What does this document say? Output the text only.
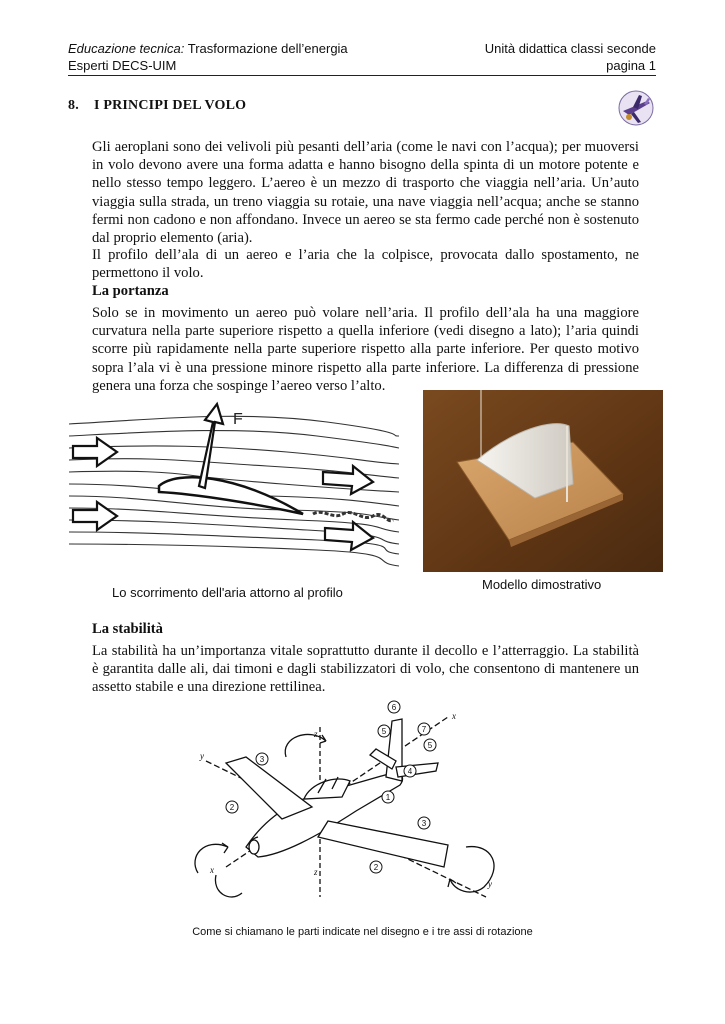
Educazione tecnica: Trasformazione dell’energia	Unità didattica classi seconde
Esperti DECS-UIM	pagina 1
8. I PRINCIPI DEL VOLO
Gli aeroplani sono dei velivoli più pesanti dell’aria (come le navi con l’acqua); per muoversi in volo devono avere una forma adatta e hanno bisogno della spinta di un motore potente e nello stesso tempo leggero. L’aereo è un mezzo di trasporto che viaggia nell’aria. Un’auto viaggia sulla strada, un treno viaggia su rotaie, una nave viaggia nell’acqua; anche se stanno fermi non cadono e non affondano. Invece un aereo se sta fermo cade perché non è sostenuto dal proprio elemento (aria).
Il profilo dell’ala di un aereo e l’aria che la colpisce, provocata dallo spostamento, ne permettono il volo.
La portanza
Solo se in movimento un aereo può volare nell’aria. Il profilo dell’ala ha una maggiore curvatura nella parte superiore rispetto a quella inferiore (vedi disegno a lato); l’aria quindi scorre più rapidamente nella parte superiore rispetto alla parte inferiore. Per questo motivo sopra l’ala vi è una pressione minore rispetto alla parte inferiore. La differenza di pressione genera una forza che sospinge l’aereo verso l’alto.
F
Lo scorrimento dell'aria attorno al profilo
Modello dimostrativo
La stabilità
La stabilità ha un’importanza vitale soprattutto durante il decollo e l’atterraggio. La stabilità è garantita dalle ali, dai timoni e dagli stabilizzatori di volo, che consentono di mantenere un assetto stabile e una direzione rettilinea.
1
2
2
3
3
4
5
5
6
7
x
y
z
x
y
z
Come si chiamano le parti indicate nel disegno e i tre assi di rotazione
